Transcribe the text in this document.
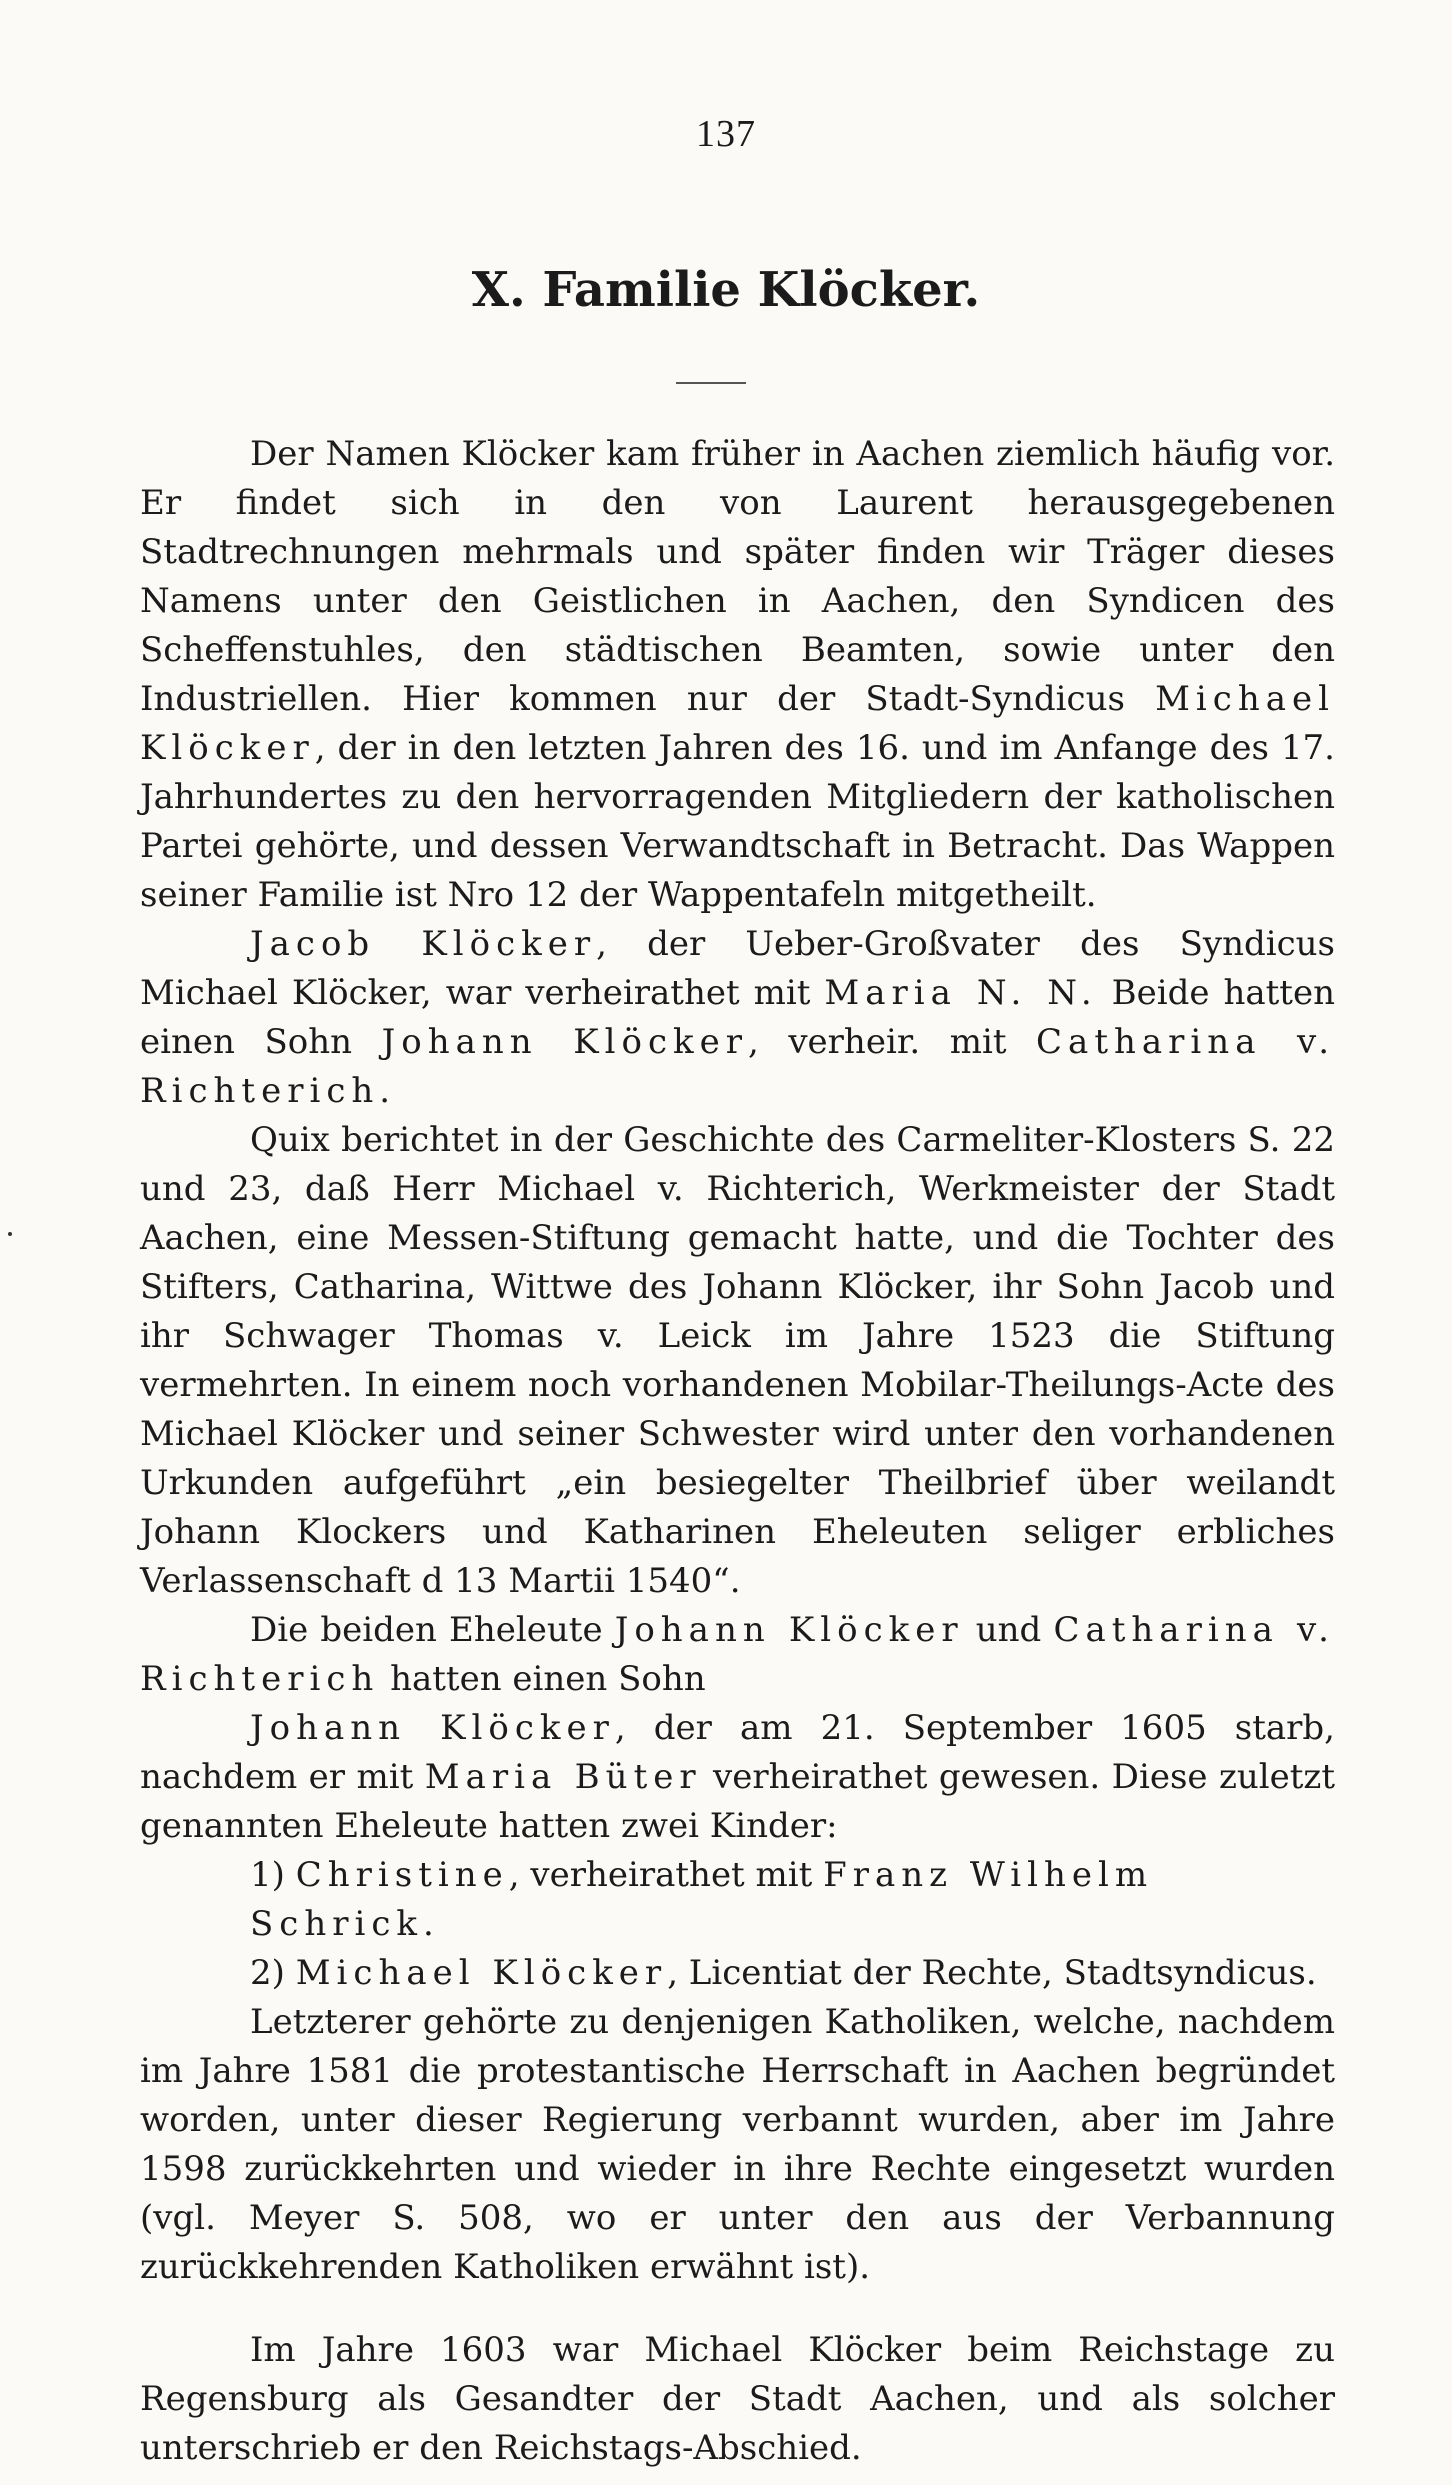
137
X. Familie Klöcker.

Der Namen Klöcker kam früher in Aachen ziemlich häufig vor. Er findet sich in den von Laurent herausgegebenen Stadtrechnungen mehrmals und später finden wir Träger dieses Namens unter den Geistlichen in Aachen, den Syndicen des Scheffenstuhles, den städtischen Beamten, sowie unter den Industriellen. Hier kommen nur der Stadt-Syndicus Michael Klöcker, der in den letzten Jahren des 16. und im Anfange des 17. Jahrhundertes zu den hervorragenden Mitgliedern der katholischen Partei gehörte, und dessen Verwandtschaft in Betracht. Das Wappen seiner Familie ist Nro 12 der Wappentafeln mitgetheilt.

Jacob Klöcker, der Ueber-Großvater des Syndicus Michael Klöcker, war verheirathet mit Maria N. N. Beide hatten einen Sohn Johann Klöcker, verheir. mit Catharina v. Richterich.

Quix berichtet in der Geschichte des Carmeliter-Klosters S. 22 und 23, daß Herr Michael v. Richterich, Werkmeister der Stadt Aachen, eine Messen-Stiftung gemacht hatte, und die Tochter des Stifters, Catharina, Wittwe des Johann Klöcker, ihr Sohn Jacob und ihr Schwager Thomas v. Leick im Jahre 1523 die Stiftung vermehrten. In einem noch vorhandenen Mobilar-Theilungs-Acte des Michael Klöcker und seiner Schwester wird unter den vorhandenen Urkunden aufgeführt „ein besiegelter Theilbrief über weilandt Johann Klockers und Katharinen Eheleuten seliger erbliches Verlassenschaft d 13 Martii 1540“.

Die beiden Eheleute Johann Klöcker und Catharina v. Richterich hatten einen Sohn

Johann Klöcker, der am 21. September 1605 starb, nachdem er mit Maria Büter verheirathet gewesen. Diese zuletzt genannten Eheleute hatten zwei Kinder:

1) Christine, verheirathet mit Franz Wilhelm Schrick.

2) Michael Klöcker, Licentiat der Rechte, Stadtsyndicus.

Letzterer gehörte zu denjenigen Katholiken, welche, nachdem im Jahre 1581 die protestantische Herrschaft in Aachen begründet worden, unter dieser Regierung verbannt wurden, aber im Jahre 1598 zurückkehrten und wieder in ihre Rechte eingesetzt wurden (vgl. Meyer S. 508, wo er unter den aus der Verbannung zurückkehrenden Katholiken erwähnt ist).

Im Jahre 1603 war Michael Klöcker beim Reichstage zu Regensburg als Gesandter der Stadt Aachen, und als solcher unterschrieb er den Reichstags-Abschied.
